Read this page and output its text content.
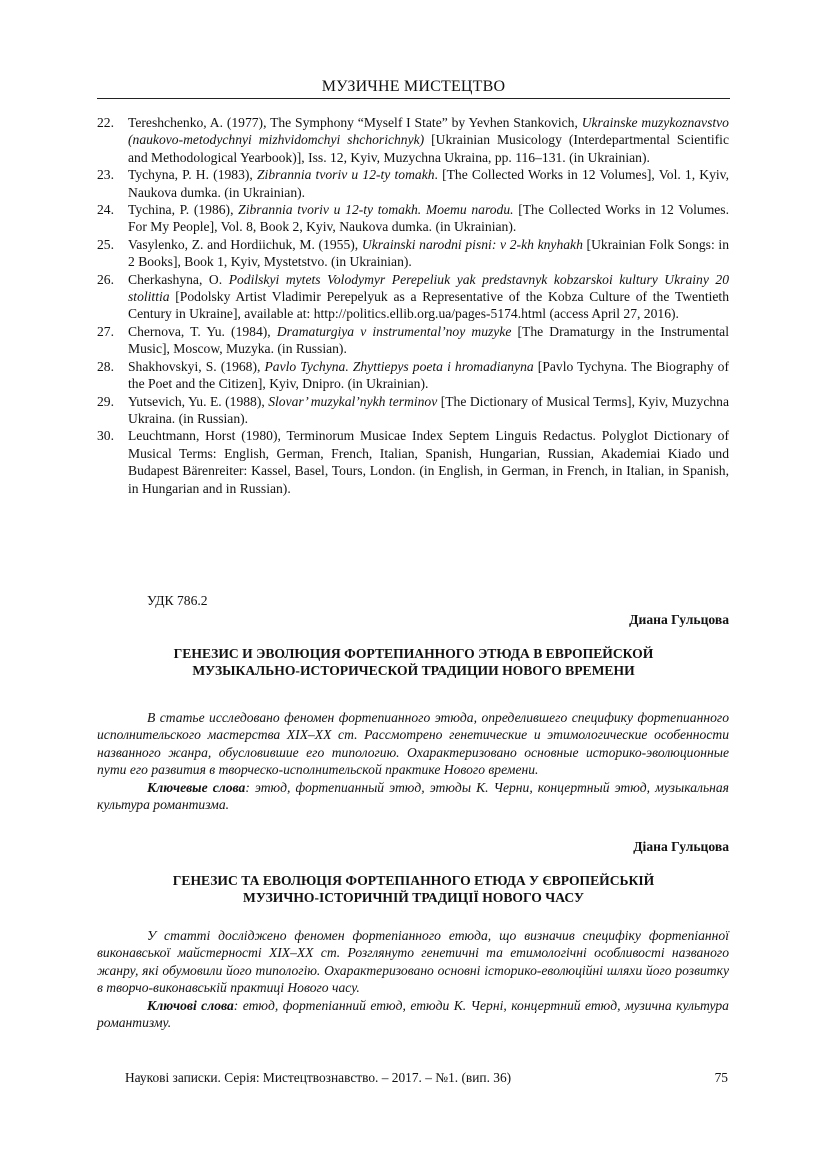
МУЗИЧНЕ МИСТЕЦТВО
22. Tereshchenko, A. (1977), The Symphony “Myself I State” by Yevhen Stankovich, Ukrainske muzykoznavstvo (naukovo-metodychnyi mizhvidomchyi shchorichnyk) [Ukrainian Musicology (Interdepartmental Scientific and Methodological Yearbook)], Iss. 12, Kyiv, Muzychna Ukraina, pp. 116–131. (in Ukrainian).
23. Tychyna, P. H. (1983), Zibrannia tvoriv u 12-ty tomakh. [The Collected Works in 12 Volumes], Vol. 1, Kyiv, Naukova dumka. (in Ukrainian).
24. Tychina, P. (1986), Zibrannia tvoriv u 12-ty tomakh. Moemu narodu. [The Collected Works in 12 Volumes. For My People], Vol. 8, Book 2, Kyiv, Naukova dumka. (in Ukrainian).
25. Vasylenko, Z. and Hordiichuk, M. (1955), Ukrainski narodni pisni: v 2-kh knyhakh [Ukrainian Folk Songs: in 2 Books], Book 1, Kyiv, Mystetstvo. (in Ukrainian).
26. Cherkashyna, O. Podilskyi mytets Volodymyr Perepeliuk yak predstavnyk kobzarskoi kultury Ukrainy 20 stolittia [Podolsky Artist Vladimir Perepelyuk as a Representative of the Kobza Culture of the Twentieth Century in Ukraine], available at: http://politics.ellib.org.ua/pages-5174.html (access April 27, 2016).
27. Chernova, T. Yu. (1984), Dramaturgiya v instrumental’noy muzyke [The Dramaturgy in the Instrumental Music], Moscow, Muzyka. (in Russian).
28. Shakhovskyi, S. (1968), Pavlo Tychyna. Zhyttiepys poeta i hromadianyna [Pavlo Tychyna. The Biography of the Poet and the Citizen], Kyiv, Dnipro. (in Ukrainian).
29. Yutsevich, Yu. E. (1988), Slovar’ muzykal’nykh terminov [The Dictionary of Musical Terms], Kyiv, Muzychna Ukraina. (in Russian).
30. Leuchtmann, Horst (1980), Terminorum Musicae Index Septem Linguis Redactus. Polyglot Dictionary of Musical Terms: English, German, French, Italian, Spanish, Hungarian, Russian, Akademiai Kiado und Budapest Bärenreiter: Kassel, Basel, Tours, London. (in English, in German, in French, in Italian, in Spanish, in Hungarian and in Russian).
УДК 786.2
Диана Гульцова
ГЕНЕЗИС И ЭВОЛЮЦИЯ ФОРТЕПИАННОГО ЭТЮДА В ЕВРОПЕЙСКОЙ
МУЗЫКАЛЬНО-ИСТОРИЧЕСКОЙ ТРАДИЦИИ НОВОГО ВРЕМЕНИ

В статье исследовано феномен фортепианного этюда, определившего специфику фортепианного исполнительского мастерства XIX–XX ст. Рассмотрено генетические и этимологические особенности названного жанра, обусловившие его типологию. Охарактеризовано основные историко-эволюционные пути его развития в творческо-исполнительской практике Нового времени.

Ключевые слова: этюд, фортепианный этюд, этюды К. Черни, концертный этюд, музыкальная культура романтизма.

Діана Гульцова
ГЕНЕЗИС ТА ЕВОЛЮЦІЯ ФОРТЕПІАННОГО ЕТЮДА У ЄВРОПЕЙСЬКІЙ
МУЗИЧНО-ІСТОРИЧНІЙ ТРАДИЦІЇ НОВОГО ЧАСУ

У статті досліджено феномен фортепіанного етюда, що визначив специфіку фортепіанної виконавської майстерності XIX–XX ст. Розглянуто генетичні та етимологічні особливості названого жанру, які обумовили його типологію. Охарактеризовано основні історико-еволюційні шляхи його розвитку в творчо-виконавській практиці Нового часу.

Ключові слова: етюд, фортепіанний етюд, етюди К. Черні, концертний етюд, музична культура романтизму.

Наукові записки. Серія: Мистецтвознавство. – 2017. – №1. (вип. 36)	75
